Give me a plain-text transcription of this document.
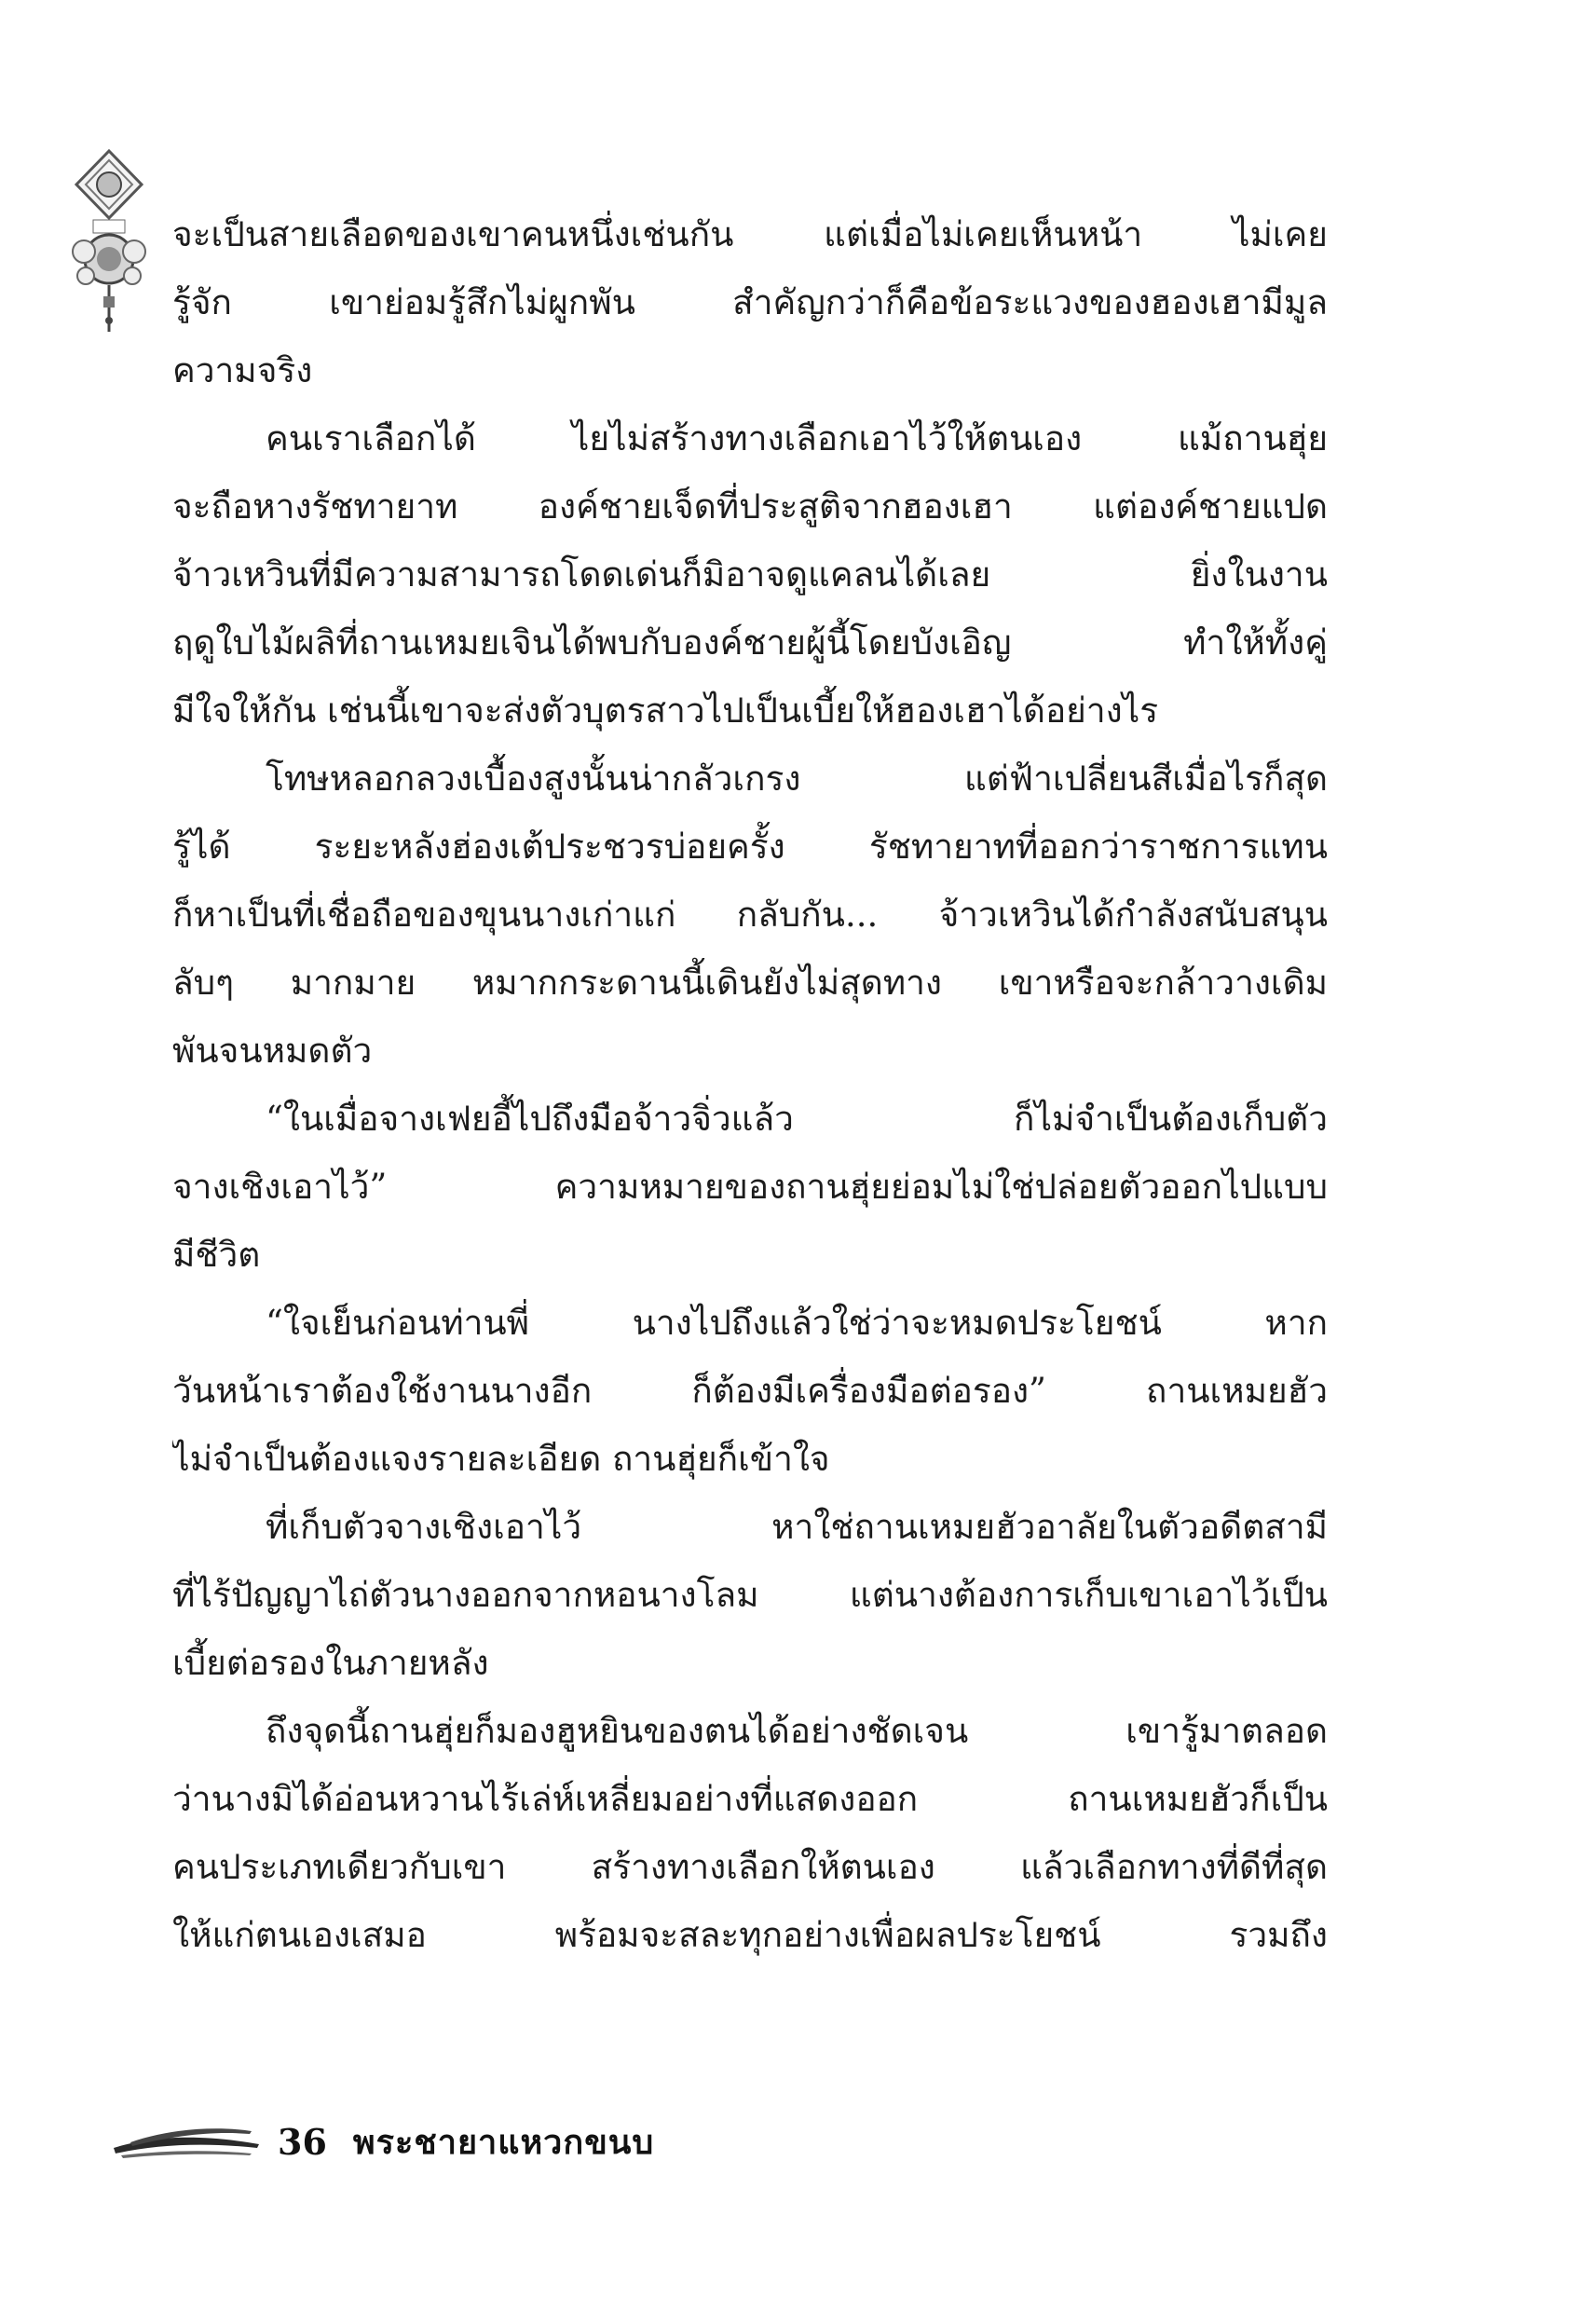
จะเป็นสายเลือดของเขาคนหนึ่งเช่นกัน แต่เมื่อไม่เคยเห็นหน้า ไม่เคย
รู้จัก เขาย่อมรู้สึกไม่ผูกพัน สำคัญกว่าก็คือข้อระแวงของฮองเฮามีมูล
ความจริง
คนเราเลือกได้ ไยไม่สร้างทางเลือกเอาไว้ให้ตนเอง แม้ถานฮุ่ย
จะถือหางรัชทายาท องค์ชายเจ็ดที่ประสูติจากฮองเฮา แต่องค์ชายแปด
จ้าวเหวินที่มีความสามารถโดดเด่นก็มิอาจดูแคลนได้เลย ยิ่งในงาน
ฤดูใบไม้ผลิที่ถานเหมยเจินได้พบกับองค์ชายผู้นี้โดยบังเอิญ ทำให้ทั้งคู่
มีใจให้กัน เช่นนี้เขาจะส่งตัวบุตรสาวไปเป็นเบี้ยให้ฮองเฮาได้อย่างไร
โทษหลอกลวงเบื้องสูงนั้นน่ากลัวเกรง แต่ฟ้าเปลี่ยนสีเมื่อไรก็สุด
รู้ได้ ระยะหลังฮ่องเต้ประชวรบ่อยครั้ง รัชทายาทที่ออกว่าราชการแทน
ก็หาเป็นที่เชื่อถือของขุนนางเก่าแก่ กลับกัน... จ้าวเหวินได้กำลังสนับสนุน
ลับๆ มากมาย หมากกระดานนี้เดินยังไม่สุดทาง เขาหรือจะกล้าวางเดิม
พันจนหมดตัว
“ในเมื่อจางเฟยอี้ไปถึงมือจ้าวจิ่วแล้ว ก็ไม่จำเป็นต้องเก็บตัว
จางเชิงเอาไว้” ความหมายของถานฮุ่ยย่อมไม่ใช่ปล่อยตัวออกไปแบบ
มีชีวิต
“ใจเย็นก่อนท่านพี่ นางไปถึงแล้วใช่ว่าจะหมดประโยชน์ หาก
วันหน้าเราต้องใช้งานนางอีก ก็ต้องมีเครื่องมือต่อรอง” ถานเหมยฮัว
ไม่จำเป็นต้องแจงรายละเอียด ถานฮุ่ยก็เข้าใจ
ที่เก็บตัวจางเชิงเอาไว้ หาใช่ถานเหมยฮัวอาลัยในตัวอดีตสามี
ที่ไร้ปัญญาไถ่ตัวนางออกจากหอนางโลม แต่นางต้องการเก็บเขาเอาไว้เป็น
เบี้ยต่อรองในภายหลัง
ถึงจุดนี้ถานฮุ่ยก็มองฮูหยินของตนได้อย่างชัดเจน เขารู้มาตลอด
ว่านางมิได้อ่อนหวานไร้เล่ห์เหลี่ยมอย่างที่แสดงออก ถานเหมยฮัวก็เป็น
คนประเภทเดียวกับเขา สร้างทางเลือกให้ตนเอง แล้วเลือกทางที่ดีที่สุด
ให้แก่ตนเองเสมอ พร้อมจะสละทุกอย่างเพื่อผลประโยชน์ รวมถึง
36 พระชายาแหวกขนบ
